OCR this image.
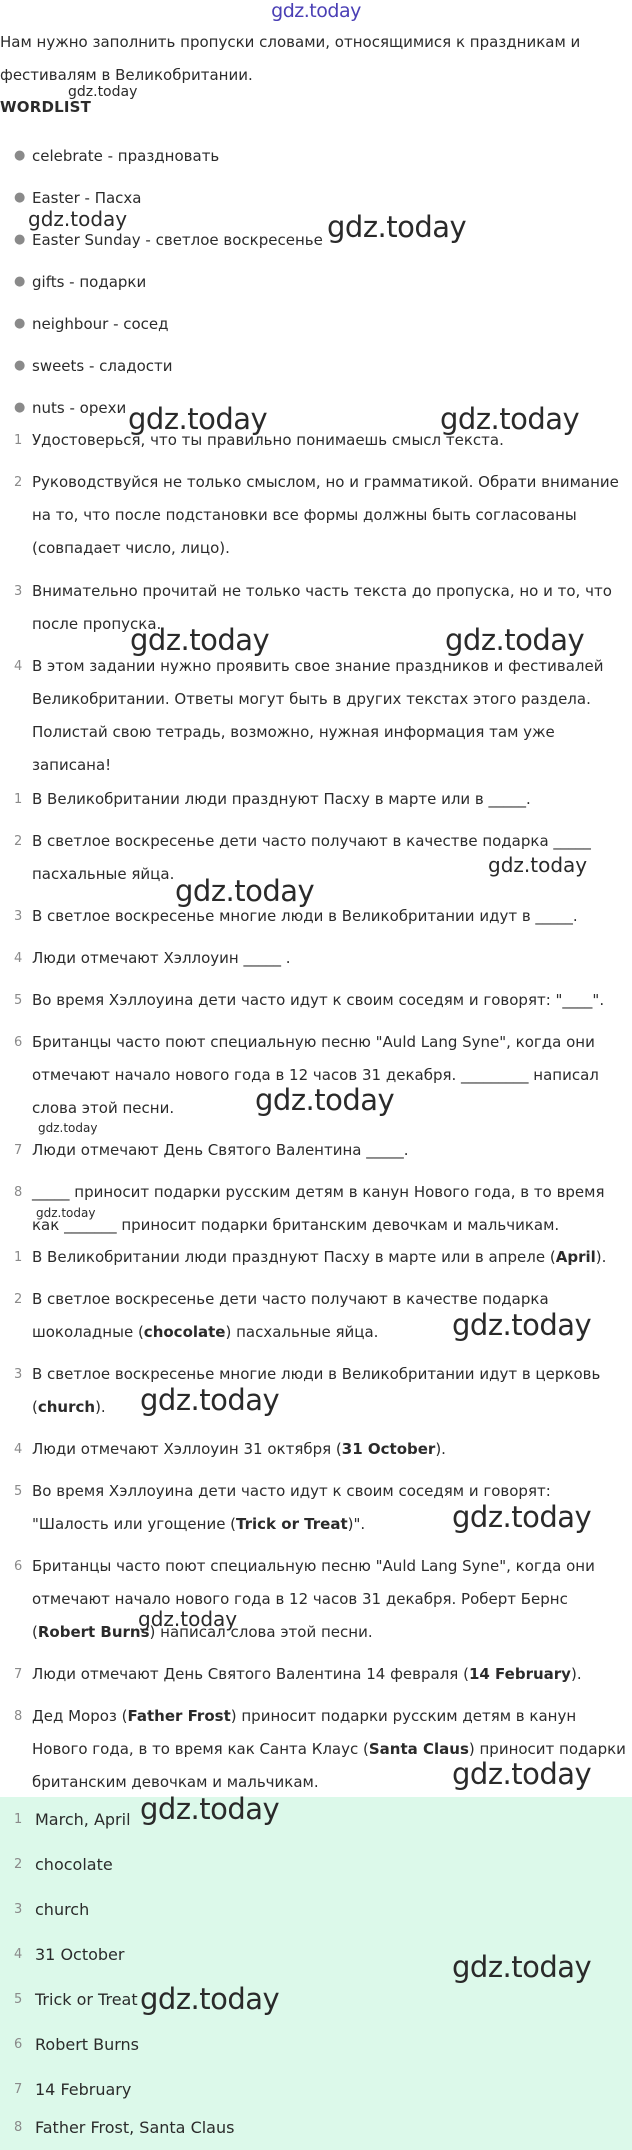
gdz.today
Нам нужно заполнить пропуски словами, относящимися к праздникам и фестивалям в Великобритании.
WORDLIST
● celebrate - праздновать
● Easter - Пасха
● Easter Sunday - светлое воскресенье
● gifts - подарки
● neighbour - сосед
● sweets - сладости
● nuts - орехи
1 Удостоверься, что ты правильно понимаешь смысл текста.
2 Руководствуйся не только смыслом, но и грамматикой. Обрати внимание на то, что после подстановки все формы должны быть согласованы (совпадает число, лицо).
3 Внимательно прочитай не только часть текста до пропуска, но и то, что после пропуска.
4 В этом задании нужно проявить свое знание праздников и фестивалей Великобритании. Ответы могут быть в других текстах этого раздела. Полистай свою тетрадь, возможно, нужная информация там уже записана!
1 В Великобритании люди празднуют Пасху в марте или в _____.
2 В светлое воскресенье дети часто получают в качестве подарка _____ пасхальные яйца.
3 В светлое воскресенье многие люди в Великобритании идут в _____.
4 Люди отмечают Хэллоуин _____ .
5 Во время Хэллоуина дети часто идут к своим соседям и говорят: "____".
6 Британцы часто поют специальную песню "Auld Lang Syne", когда они отмечают начало нового года в 12 часов 31 декабря. _________ написал слова этой песни.
7 Люди отмечают День Святого Валентина _____.
8 _____ приносит подарки русским детям в канун Нового года, в то время как _______ приносит подарки британским девочкам и мальчикам.
1 В Великобритании люди празднуют Пасху в марте или в апреле (April).
2 В светлое воскресенье дети часто получают в качестве подарка шоколадные (chocolate) пасхальные яйца.
3 В светлое воскресенье многие люди в Великобритании идут в церковь (church).
4 Люди отмечают Хэллоуин 31 октября (31 October).
5 Во время Хэллоуина дети часто идут к своим соседям и говорят: "Шалость или угощение (Trick or Treat)".
6 Британцы часто поют специальную песню "Auld Lang Syne", когда они отмечают начало нового года в 12 часов 31 декабря. Роберт Бернс (Robert Burns) написал слова этой песни.
7 Люди отмечают День Святого Валентина 14 февраля (14 February).
8 Дед Мороз (Father Frost) приносит подарки русским детям в канун Нового года, в то время как Санта Клаус (Santa Claus) приносит подарки британским девочкам и мальчикам.
1 March, April
2 chocolate
3 church
4 31 October
5 Trick or Treat
6 Robert Burns
7 14 February
8 Father Frost, Santa Claus
gdz.today
gdz.today	gdz.today
gdz.today	gdz.today
gdz.today	gdz.today
gdz.today
gdz.today
gdz.today
gdz.today
gdz.today
gdz.today
gdz.today
gdz.today
gdz.today
gdz.today
gdz.today
gdz.today
gdz.today
